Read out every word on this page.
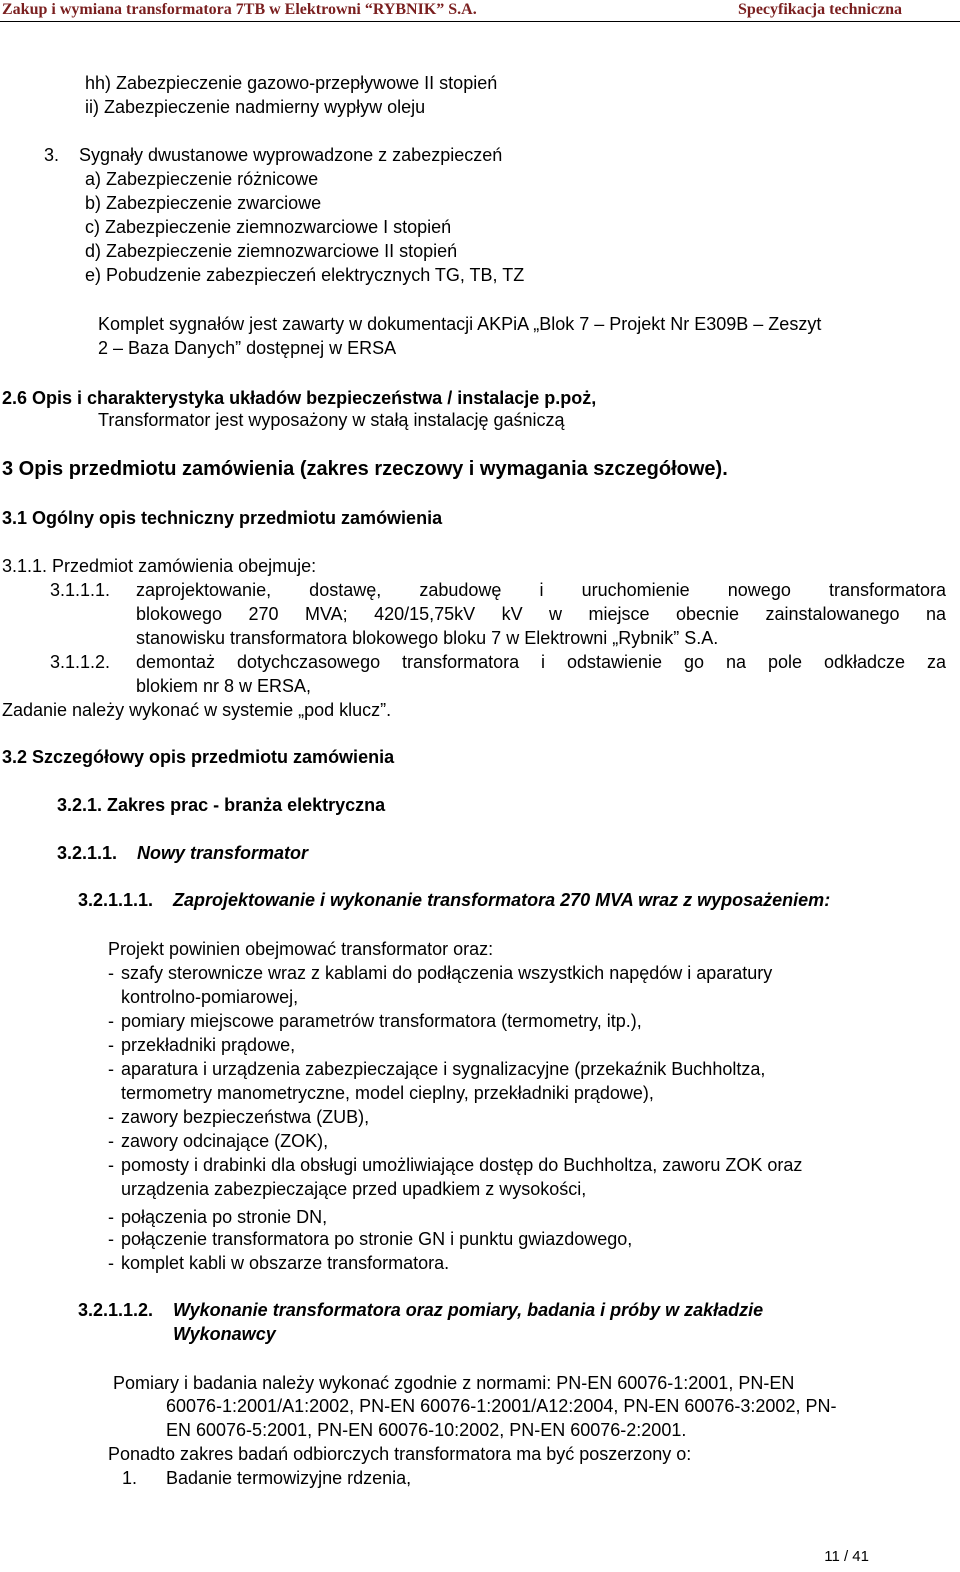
Zakup i wymiana transformatora 7TB w Elektrowni “RYBNIK” S.A.	Specyfikacja techniczna
hh) Zabezpieczenie gazowo-przepływowe II stopień
ii) Zabezpieczenie nadmierny wypływ oleju
3. Sygnały dwustanowe wyprowadzone z zabezpieczeń
a) Zabezpieczenie różnicowe
b) Zabezpieczenie zwarciowe
c) Zabezpieczenie ziemnozwarciowe I stopień
d) Zabezpieczenie ziemnozwarciowe II stopień
e) Pobudzenie zabezpieczeń elektrycznych TG, TB, TZ
Komplet sygnałów jest zawarty w dokumentacji AKPiA „Blok 7 – Projekt Nr E309B – Zeszyt
2 – Baza Danych” dostępnej w ERSA
2.6 Opis i charakterystyka układów bezpieczeństwa / instalacje p.poż,
Transformator jest wyposażony w stałą instalację gaśniczą
3 Opis przedmiotu zamówienia (zakres rzeczowy i wymagania szczegółowe).
3.1 Ogólny opis techniczny przedmiotu zamówienia
3.1.1. Przedmiot zamówienia obejmuje:
3.1.1.1. zaprojektowanie, dostawę, zabudowę i uruchomienie nowego transformatora
blokowego 270 MVA; 420/15,75kV kV w miejsce obecnie zainstalowanego na
stanowisku transformatora blokowego bloku 7 w Elektrowni „Rybnik” S.A.
3.1.1.2. demontaż dotychczasowego transformatora i odstawienie go na pole odkładcze za
blokiem nr 8 w ERSA,
Zadanie należy wykonać w systemie „pod klucz”.
3.2 Szczegółowy opis przedmiotu zamówienia
3.2.1. Zakres prac - branża elektryczna
3.2.1.1. Nowy transformator
3.2.1.1.1. Zaprojektowanie i wykonanie transformatora 270 MVA wraz z wyposażeniem:
Projekt powinien obejmować transformator oraz:
- szafy sterownicze wraz z kablami do podłączenia wszystkich napędów i aparatury
kontrolno-pomiarowej,
- pomiary miejscowe parametrów transformatora (termometry, itp.),
- przekładniki prądowe,
- aparatura i urządzenia zabezpieczające i sygnalizacyjne (przekaźnik Buchholtza,
termometry manometryczne, model cieplny, przekładniki prądowe),
- zawory bezpieczeństwa (ZUB),
- zawory odcinające (ZOK),
- pomosty i drabinki dla obsługi umożliwiające dostęp do Buchholtza, zaworu ZOK oraz
urządzenia zabezpieczające przed upadkiem z wysokości,
- połączenia po stronie DN,
- połączenie transformatora po stronie GN i punktu gwiazdowego,
- komplet kabli w obszarze transformatora.
3.2.1.1.2. Wykonanie transformatora oraz pomiary, badania i próby w zakładzie
Wykonawcy
Pomiary i badania należy wykonać zgodnie z normami: PN-EN 60076-1:2001, PN-EN
60076-1:2001/A1:2002, PN-EN 60076-1:2001/A12:2004, PN-EN 60076-3:2002, PN-
EN 60076-5:2001, PN-EN 60076-10:2002, PN-EN 60076-2:2001.
Ponadto zakres badań odbiorczych transformatora ma być poszerzony o:
1. Badanie termowizyjne rdzenia,
11 / 41
